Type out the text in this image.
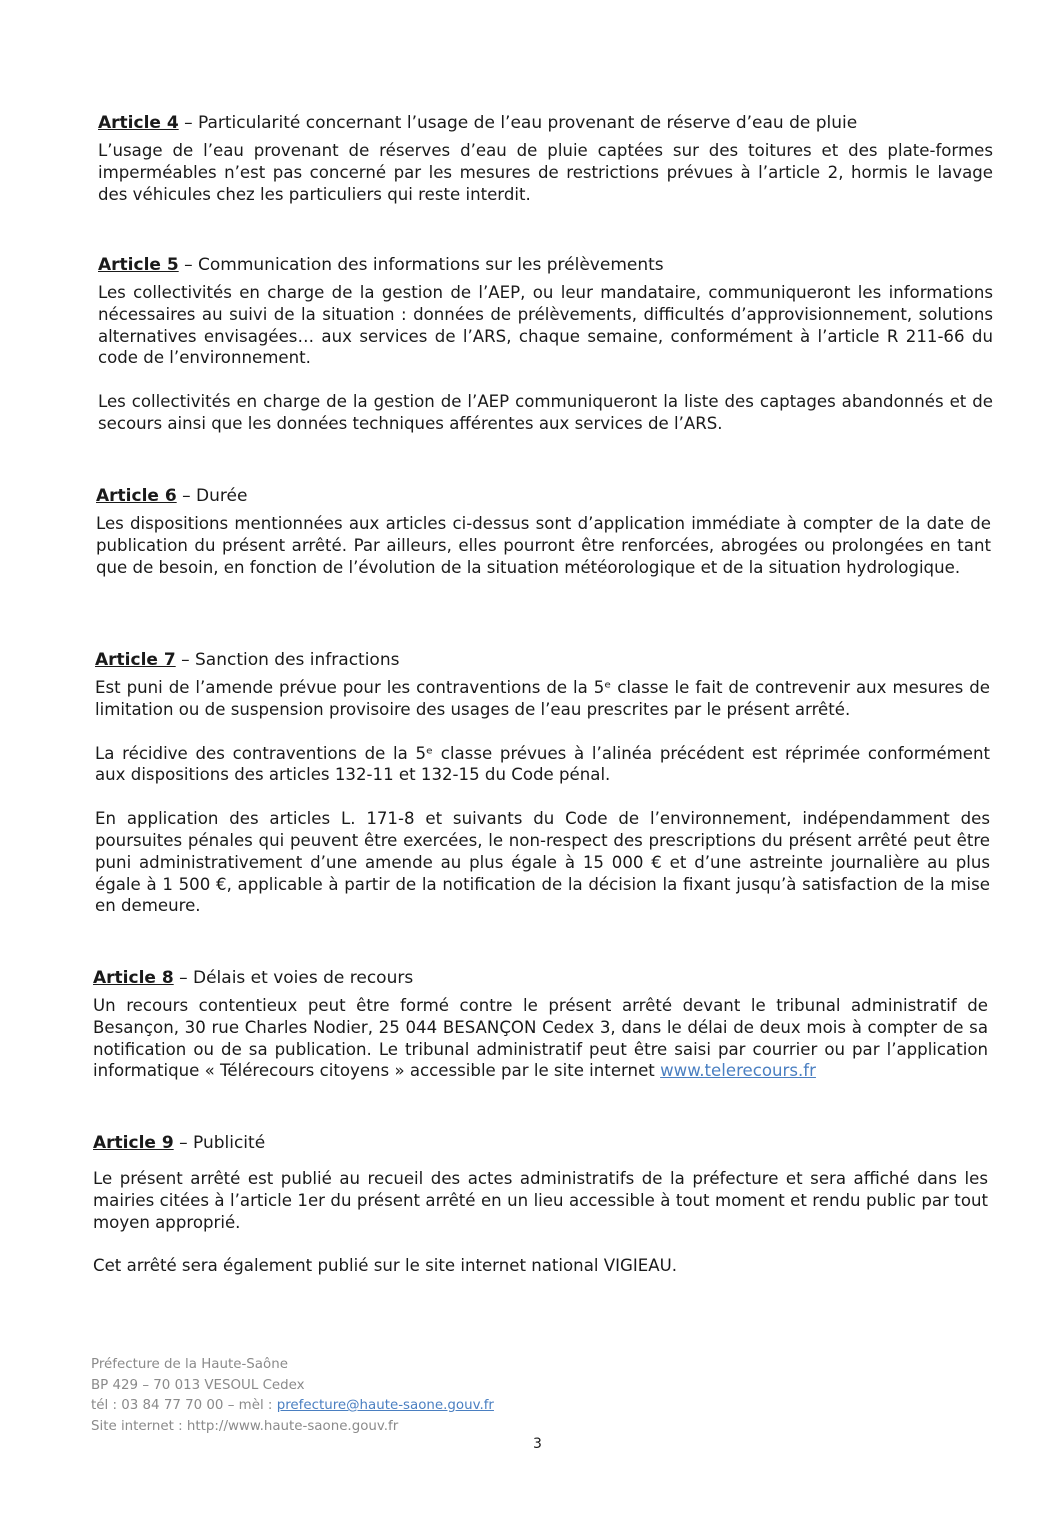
Article 4 – Particularité concernant l’usage de l’eau provenant de réserve d’eau de pluie

L’usage de l’eau provenant de réserves d’eau de pluie captées sur des toitures et des plate-formes imperméables n’est pas concerné par les mesures de restrictions prévues à l’article 2, hormis le lavage des véhicules chez les particuliers qui reste interdit.

Article 5 – Communication des informations sur les prélèvements

Les collectivités en charge de la gestion de l’AEP, ou leur mandataire, communiqueront les informations nécessaires au suivi de la situation : données de prélèvements, difficultés d’approvisionnement, solutions alternatives envisagées… aux services de l’ARS, chaque semaine, conformément à l’article R 211-66 du code de l’environnement.

Les collectivités en charge de la gestion de l’AEP communiqueront la liste des captages abandonnés et de secours ainsi que les données techniques afférentes aux services de l’ARS.

Article 6 – Durée

Les dispositions mentionnées aux articles ci-dessus sont d’application immédiate à compter de la date de publication du présent arrêté. Par ailleurs, elles pourront être renforcées, abrogées ou prolongées en tant que de besoin, en fonction de l’évolution de la situation météorologique et de la situation hydrologique.

Article 7 – Sanction des infractions

Est puni de l’amende prévue pour les contraventions de la 5ᵉ classe le fait de contrevenir aux mesures de limitation ou de suspension provisoire des usages de l’eau prescrites par le présent arrêté.

La récidive des contraventions de la 5ᵉ classe prévues à l’alinéa précédent est réprimée conformément aux dispositions des articles 132-11 et 132-15 du Code pénal.

En application des articles L. 171-8 et suivants du Code de l’environnement, indépendamment des poursuites pénales qui peuvent être exercées, le non-respect des prescriptions du présent arrêté peut être puni administrativement d’une amende au plus égale à 15 000 € et d’une astreinte journalière au plus égale à 1 500 €, applicable à partir de la notification de la décision la fixant jusqu’à satisfaction de la mise en demeure.

Article 8 – Délais et voies de recours

Un recours contentieux peut être formé contre le présent arrêté devant le tribunal administratif de Besançon, 30 rue Charles Nodier, 25 044 BESANÇON Cedex 3, dans le délai de deux mois à compter de sa notification ou de sa publication. Le tribunal administratif peut être saisi par courrier ou par l’application informatique « Télérecours citoyens » accessible par le site internet www.telerecours.fr

Article 9 – Publicité

Le présent arrêté est publié au recueil des actes administratifs de la préfecture et sera affiché dans les mairies citées à l’article 1er du présent arrêté en un lieu accessible à tout moment et rendu public par tout moyen approprié.

Cet arrêté sera également publié sur le site internet national VIGIEAU.

Préfecture de la Haute-Saône
BP 429 – 70 013 VESOUL Cedex
tél : 03 84 77 70 00 – mèl : prefecture@haute-saone.gouv.fr
Site internet : http://www.haute-saone.gouv.fr
3
